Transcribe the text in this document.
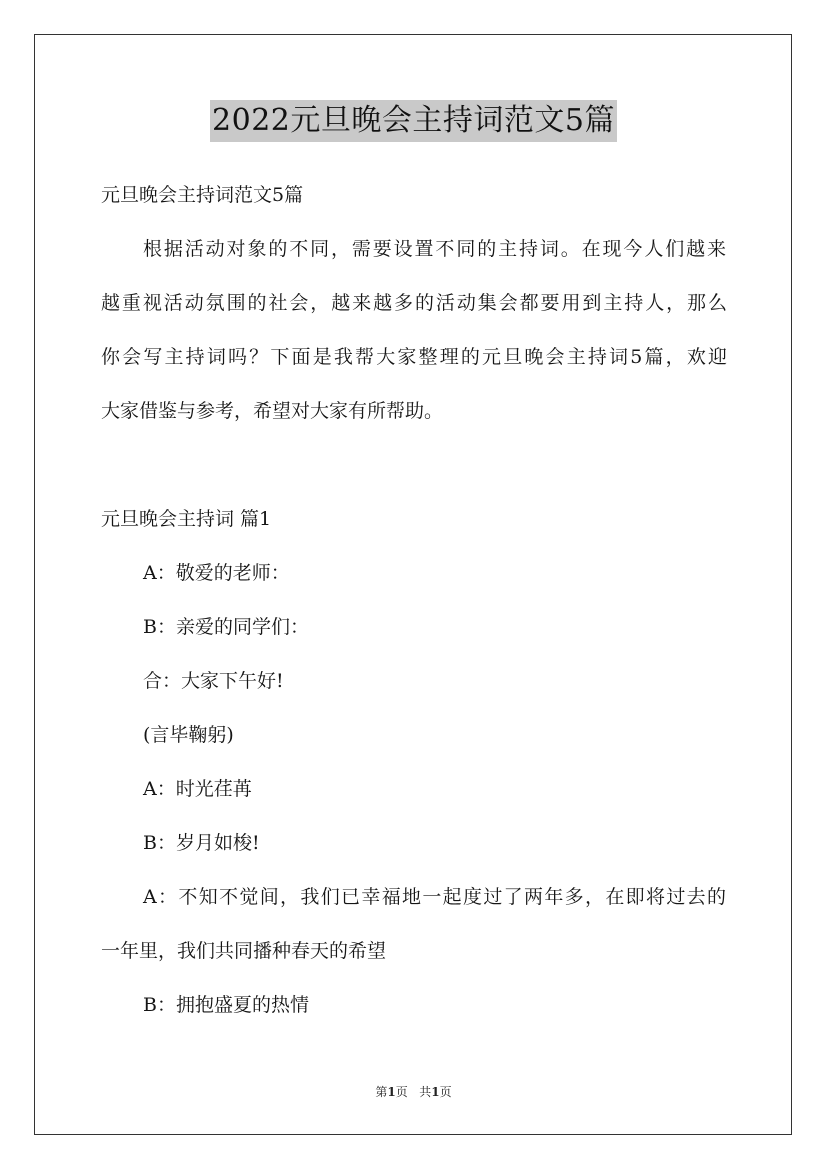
2022元旦晚会主持词范文5篇
元旦晚会主持词范文5篇
根据活动对象的不同，需要设置不同的主持词。在现今人们越来
越重视活动氛围的社会，越来越多的活动集会都要用到主持人，那么
你会写主持词吗？下面是我帮大家整理的元旦晚会主持词5篇，欢迎
大家借鉴与参考，希望对大家有所帮助。
元旦晚会主持词 篇1
A：敬爱的老师：
B：亲爱的同学们：
合：大家下午好!
(言毕鞠躬)
A：时光荏苒
B：岁月如梭!
A：不知不觉间，我们已幸福地一起度过了两年多，在即将过去的
一年里，我们共同播种春天的希望
B：拥抱盛夏的热情
第1页 共1页
